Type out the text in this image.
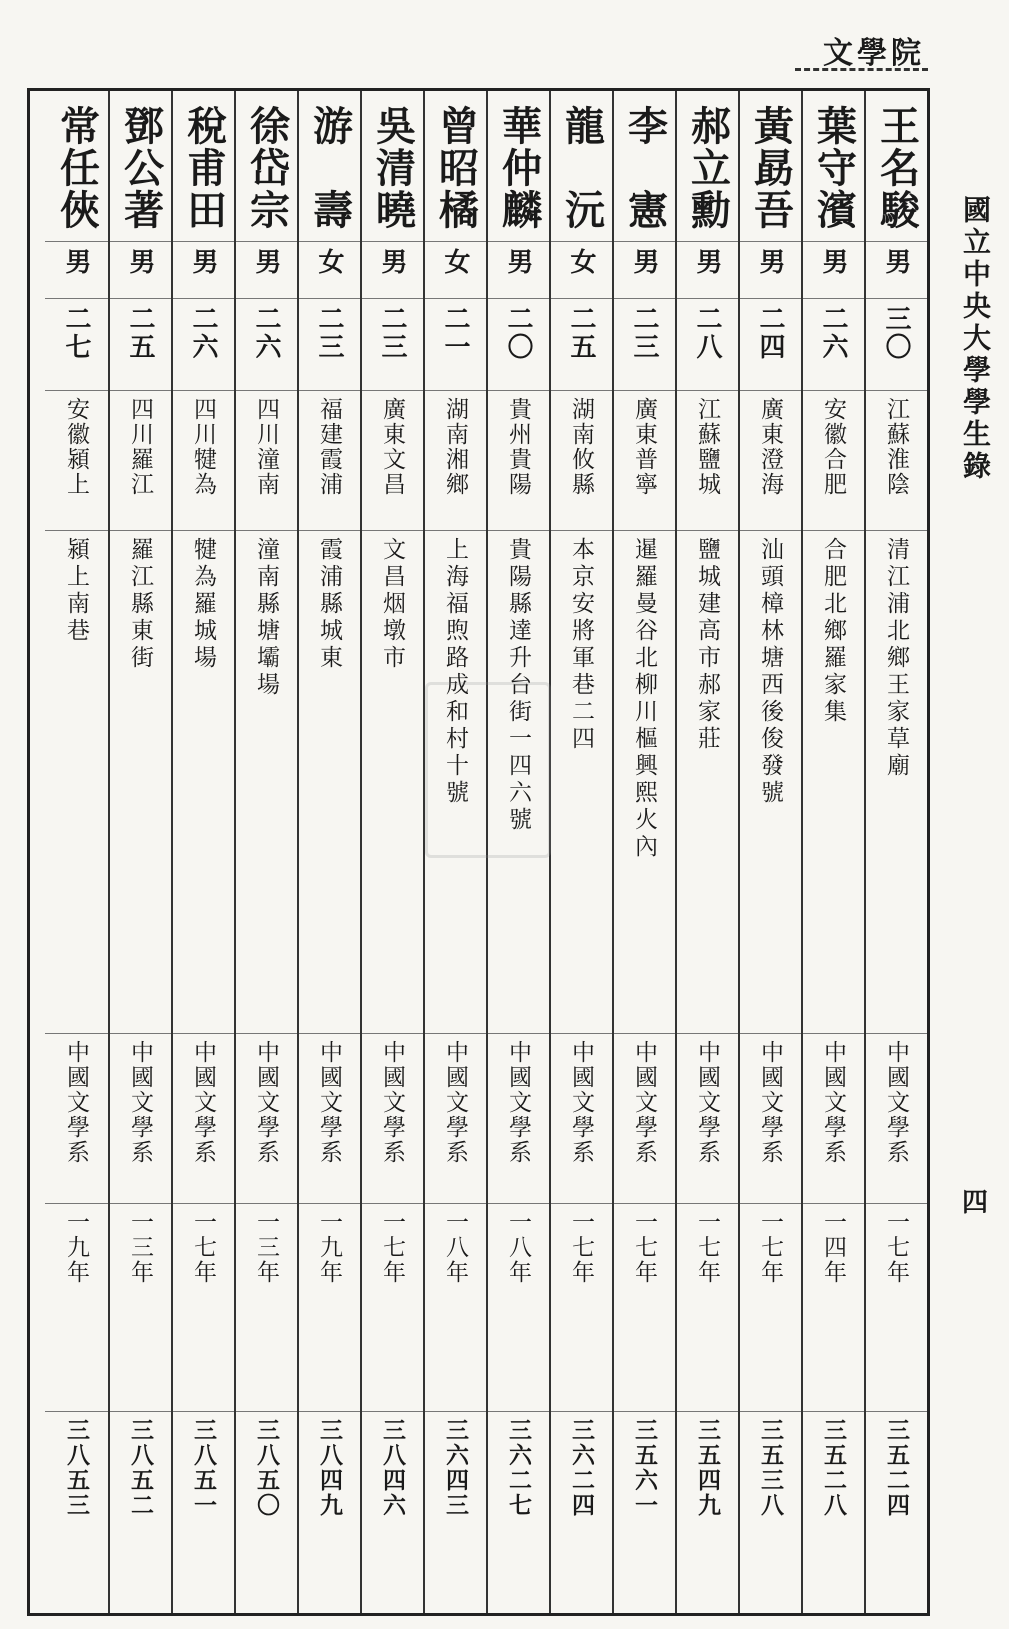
文學院
國立中央大學學生錄
四
王名駿
男
三〇
江蘇淮陰
清江浦北鄉王家草廟
中國文學系
一七年
三五二四
葉守濱
男
二六
安徽合肥
合肥北鄉羅家集
中國文學系
一四年
三五二八
黃勗吾
男
二四
廣東澄海
汕頭樟林塘西後俊發號
中國文學系
一七年
三五三八
郝立勳
男
二八
江蘇鹽城
鹽城建高市郝家莊
中國文學系
一七年
三五四九
李　憲
男
二三
廣東普寧
暹羅曼谷北柳川樞興熙火內
中國文學系
一七年
三五六一
龍　沅
女
二五
湖南攸縣
本京安將軍巷二四
中國文學系
一七年
三六二四
華仲麟
男
二〇
貴州貴陽
貴陽縣達升台街一四六號
中國文學系
一八年
三六二七
曾昭橘
女
二一
湖南湘鄉
上海福煦路成和村十號
中國文學系
一八年
三六四三
吳清曉
男
二三
廣東文昌
文昌烟墩市
中國文學系
一七年
三八四六
游　壽
女
二三
福建霞浦
霞浦縣城東
中國文學系
一九年
三八四九
徐岱宗
男
二六
四川潼南
潼南縣塘壩場
中國文學系
一三年
三八五〇
稅甫田
男
二六
四川犍為
犍為羅城場
中國文學系
一七年
三八五一
鄧公著
男
二五
四川羅江
羅江縣東街
中國文學系
一三年
三八五二
常任俠
男
二七
安徽潁上
潁上南巷
中國文學系
一九年
三八五三
